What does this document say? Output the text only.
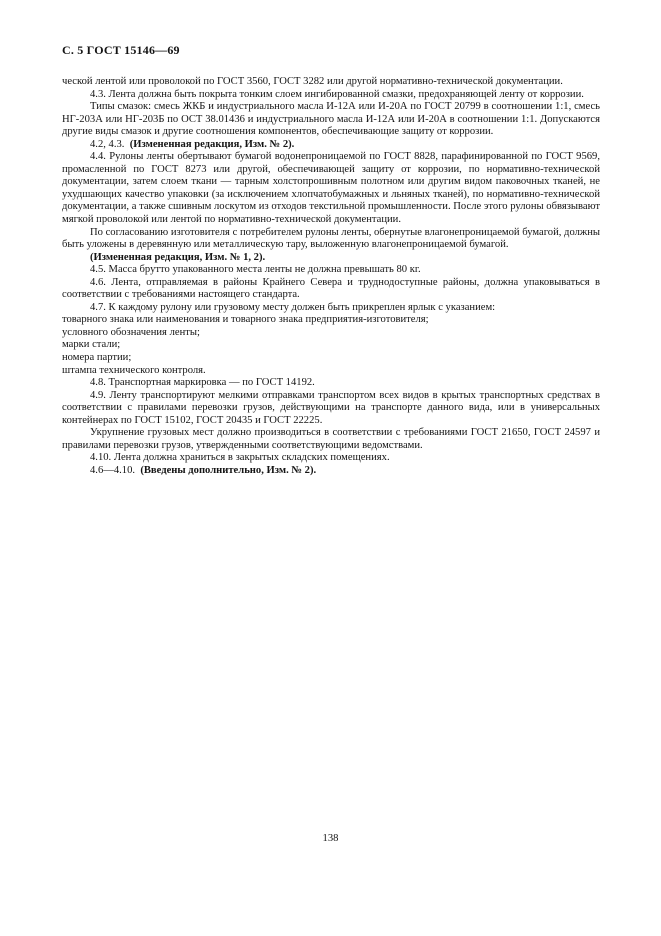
С. 5 ГОСТ 15146—69

ческой лентой или проволокой по ГОСТ 3560, ГОСТ 3282 или другой нормативно-технической документации.

4.3. Лента должна быть покрыта тонким слоем ингибированной смазки, предохраняющей ленту от коррозии.

Типы смазок: смесь ЖКБ и индустриального масла И-12А или И-20А по ГОСТ 20799 в соотношении 1:1, смесь НГ-203А или НГ-203Б по ОСТ 38.01436 и индустриального масла И-12А или И-20А в соотношении 1:1. Допускаются другие виды смазок и другие соотношения компонентов, обеспечивающие защиту от коррозии.

4.2, 4.3. (Измененная редакция, Изм. № 2).

4.4. Рулоны ленты обертывают бумагой водонепроницаемой по ГОСТ 8828, парафинированной по ГОСТ 9569, промасленной по ГОСТ 8273 или другой, обеспечивающей защиту от коррозии, по нормативно-технической документации, затем слоем ткани — тарным холстопрошивным полотном или другим видом паковочных тканей, не ухудшающих качество упаковки (за исключением хлопчатобумажных и льняных тканей), по нормативно-технической документации, а также сшивным лоскутом из отходов текстильной промышленности. После этого рулоны обвязывают мягкой проволокой или лентой по нормативно-технической документации.

По согласованию изготовителя с потребителем рулоны ленты, обернутые влагонепроницаемой бумагой, должны быть уложены в деревянную или металлическую тару, выложенную влагонепроницаемой бумагой.

(Измененная редакция, Изм. № 1, 2).

4.5. Масса брутто упакованного места ленты не должна превышать 80 кг.

4.6. Лента, отправляемая в районы Крайнего Севера и труднодоступные районы, должна упаковываться в соответствии с требованиями настоящего стандарта.

4.7. К каждому рулону или грузовому месту должен быть прикреплен ярлык с указанием:

товарного знака или наименования и товарного знака предприятия-изготовителя;

условного обозначения ленты;

марки стали;

номера партии;

штампа технического контроля.

4.8. Транспортная маркировка — по ГОСТ 14192.

4.9. Ленту транспортируют мелкими отправками транспортом всех видов в крытых транспортных средствах в соответствии с правилами перевозки грузов, действующими на транспорте данного вида, или в универсальных контейнерах по ГОСТ 15102, ГОСТ 20435 и ГОСТ 22225.

Укрупнение грузовых мест должно производиться в соответствии с требованиями ГОСТ 21650, ГОСТ 24597 и правилами перевозки грузов, утвержденными соответствующими ведомствами.

4.10. Лента должна храниться в закрытых складских помещениях.

4.6—4.10. (Введены дополнительно, Изм. № 2).

138
